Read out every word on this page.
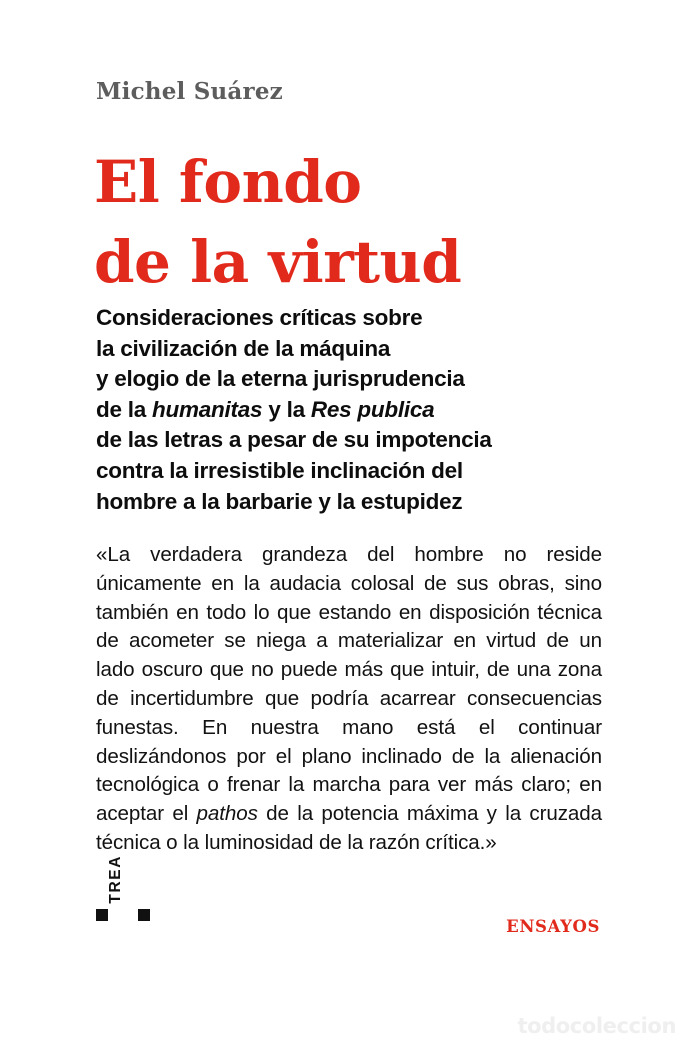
Michel Suárez
El fondo
de la virtud
Consideraciones críticas sobre
la civilización de la máquina
y elogio de la eterna jurisprudencia
de la humanitas y la Res publica
de las letras a pesar de su impotencia
contra la irresistible inclinación del
hombre a la barbarie y la estupidez
«La verdadera grandeza del hombre no reside únicamente en la audacia colosal de sus obras, sino también en todo lo que estando en disposición técnica de acometer se niega a materializar en virtud de un lado oscuro que no puede más que intuir, de una zona de incertidumbre que podría acarrear consecuencias funestas. En nuestra mano está el continuar deslizándonos por el plano inclinado de la alienación tecnológica o frenar la marcha para ver más claro; en aceptar el pathos de la potencia máxima y la cruzada técnica o la luminosidad de la razón crítica.»
TREA
ENSAYOS
todocoleccion
